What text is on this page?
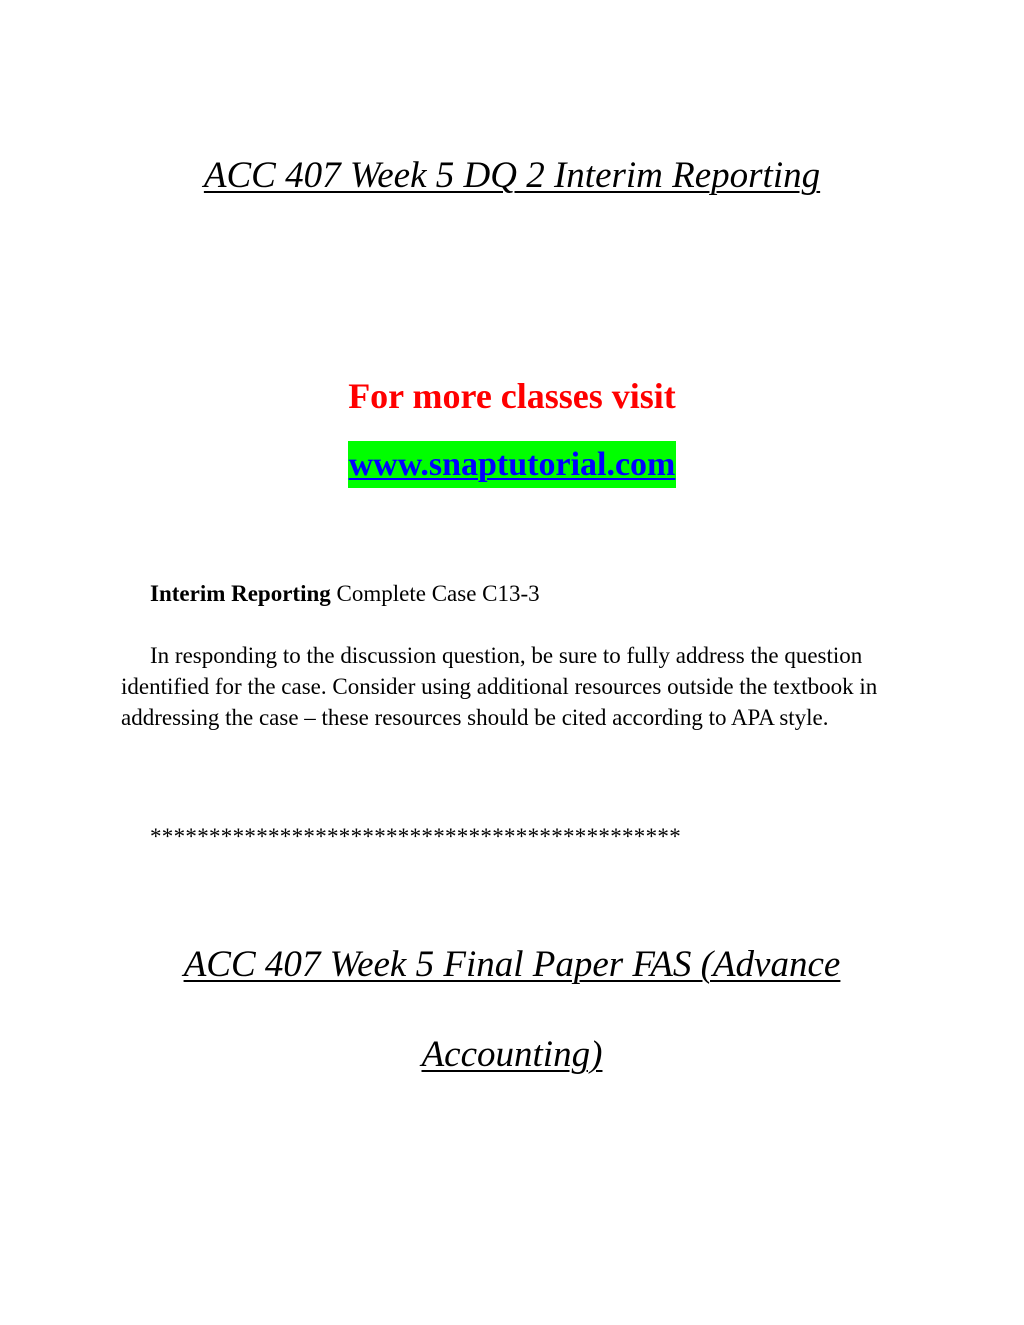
ACC 407 Week 5 DQ 2 Interim Reporting

For more classes visit

www.snaptutorial.com

Interim Reporting Complete Case C13-3

In responding to the discussion question, be sure to fully address the question identified for the case. Consider using additional resources outside the textbook in addressing the case – these resources should be cited according to APA style.

*********************************************

ACC 407 Week 5 Final Paper FAS (Advance
Accounting)
